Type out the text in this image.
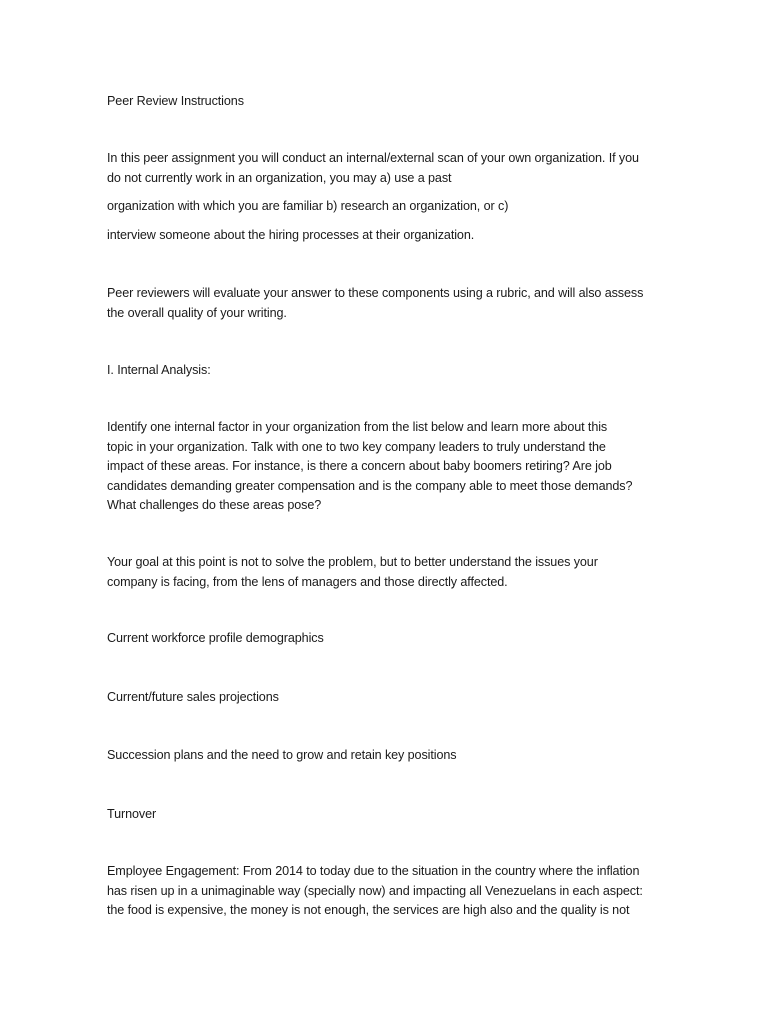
Peer Review Instructions
In this peer assignment you will conduct an internal/external scan of your own organization. If you
do not currently work in an organization, you may a) use a past
organization with which you are familiar b) research an organization, or c)
interview someone about the hiring processes at their organization.
Peer reviewers will evaluate your answer to these components using a rubric, and will also assess
the overall quality of your writing.
I. Internal Analysis:
Identify one internal factor in your organization from the list below and learn more about this
topic in your organization. Talk with one to two key company leaders to truly understand the
impact of these areas. For instance, is there a concern about baby boomers retiring? Are job
candidates demanding greater compensation and is the company able to meet those demands?
What challenges do these areas pose?
Your goal at this point is not to solve the problem, but to better understand the issues your
company is facing, from the lens of managers and those directly affected.
Current workforce profile demographics
Current/future sales projections
Succession plans and the need to grow and retain key positions
Turnover
Employee Engagement: From 2014 to today due to the situation in the country where the inflation
has risen up in a unimaginable way (specially now) and impacting all Venezuelans in each aspect:
the food is expensive, the money is not enough, the services are high also and the quality is not
